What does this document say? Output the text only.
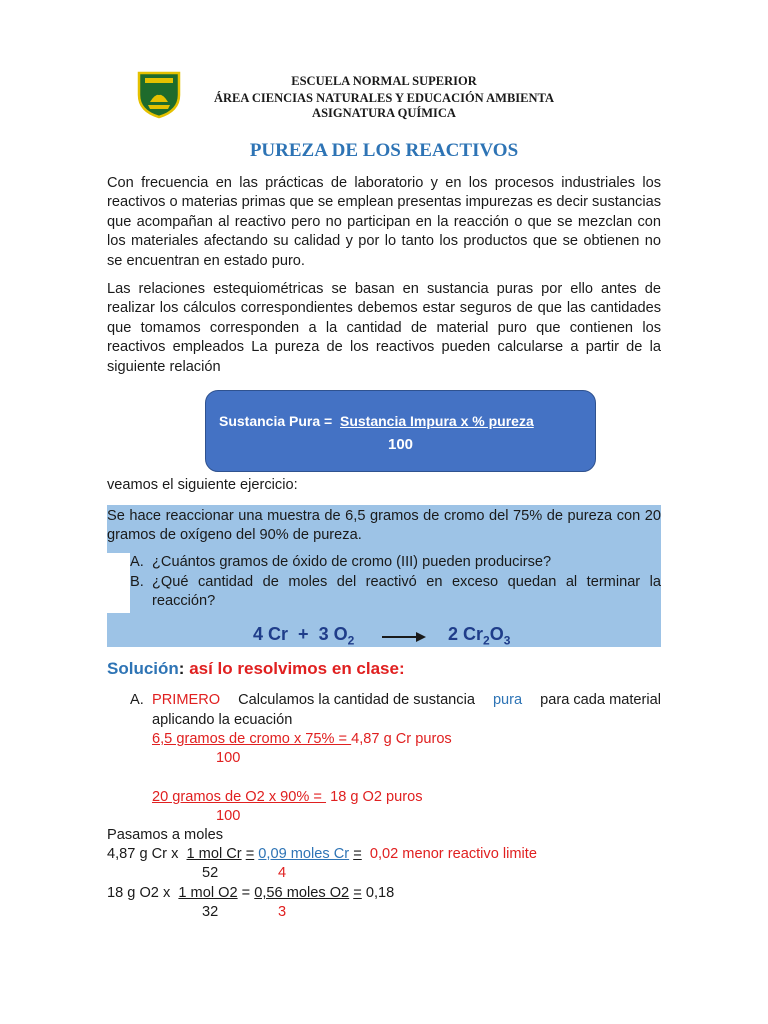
ESCUELA NORMAL SUPERIOR
ÁREA CIENCIAS NATURALES Y EDUCACIÓN AMBIENTA
ASIGNATURA QUÍMICA
PUREZA DE LOS REACTIVOS
Con frecuencia en las prácticas de laboratorio y en los procesos industriales los reactivos o materias primas que se emplean presentas impurezas es decir sustancias que acompañan al reactivo pero no participan en la reacción o que se mezclan con los materiales afectando su calidad y por lo tanto los productos que se obtienen no se encuentran en estado puro.
Las relaciones estequiométricas se basan en sustancia puras por ello antes de realizar los cálculos correspondientes debemos estar seguros de que las cantidades que tomamos corresponden a la cantidad de material puro que contienen los reactivos empleados La pureza de los reactivos pueden calcularse a partir de la siguiente relación
Sustancia Pura = Sustancia Impura x % pureza
100
veamos el siguiente ejercicio:
Se hace reaccionar una muestra de 6,5 gramos de cromo del 75% de pureza con 20 gramos de oxígeno del 90% de pureza.
A. ¿Cuántos gramos de óxido de cromo (III) pueden producirse?
B. ¿Qué cantidad de moles del reactivó en exceso quedan al terminar la reacción?
4 Cr + 3 $O_2 \to 2$ $Cr_2O_3$
Solución: así lo resolvimos en clase:
A. PRIMERO Calculamos la cantidad de sustancia pura para cada material
aplicando la ecuación
6,5 gramos de cromo x 75% = 4,87 g Cr puros
100
20 gramos de O2 x 90% =  18 g O2 puros
100
Pasamos a moles
4,87 g Cr x 1 mol Cr = 0,09 moles Cr = 0,02 menor reactivo limite
52	4
18 g O2 x 1 mol O2 = 0,56 moles O2 = 0,18
32	3
